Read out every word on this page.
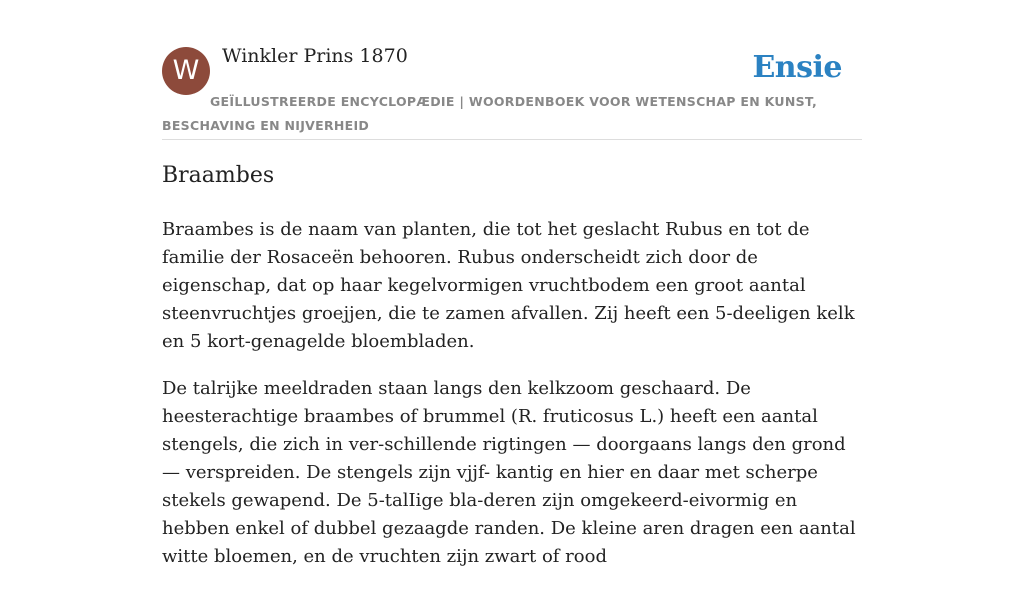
W	Winkler Prins 1870	Ensie
GEÏLLUSTREERDE ENCYCLOPÆDIE | WOORDENBOEK VOOR WETENSCHAP EN KUNST, BESCHAVING EN NIJVERHEID
Braambes

Braambes is de naam van planten, die tot het geslacht Rubus en tot de familie der Rosaceën behooren. Rubus onderscheidt zich door de eigenschap, dat op haar kegelvormigen vruchtbodem een groot aantal steenvruchtjes groejjen, die te zamen afvallen. Zij heeft een 5-deeligen kelk en 5 kort-genagelde bloembladen.

De talrijke meeldraden staan langs den kelkzoom geschaard. De heesterachtige braambes of brummel (R. fruticosus L.) heeft een aantal stengels, die zich in ver-schillende rigtingen — doorgaans langs den grond — verspreiden. De stengels zijn vjjf- kantig en hier en daar met scherpe stekels gewapend. De 5-talIige bla-deren zijn omgekeerd-eivormig en hebben enkel of dubbel gezaagde randen. De kleine aren dragen een aantal witte bloemen, en de vruchten zijn zwart of rood
